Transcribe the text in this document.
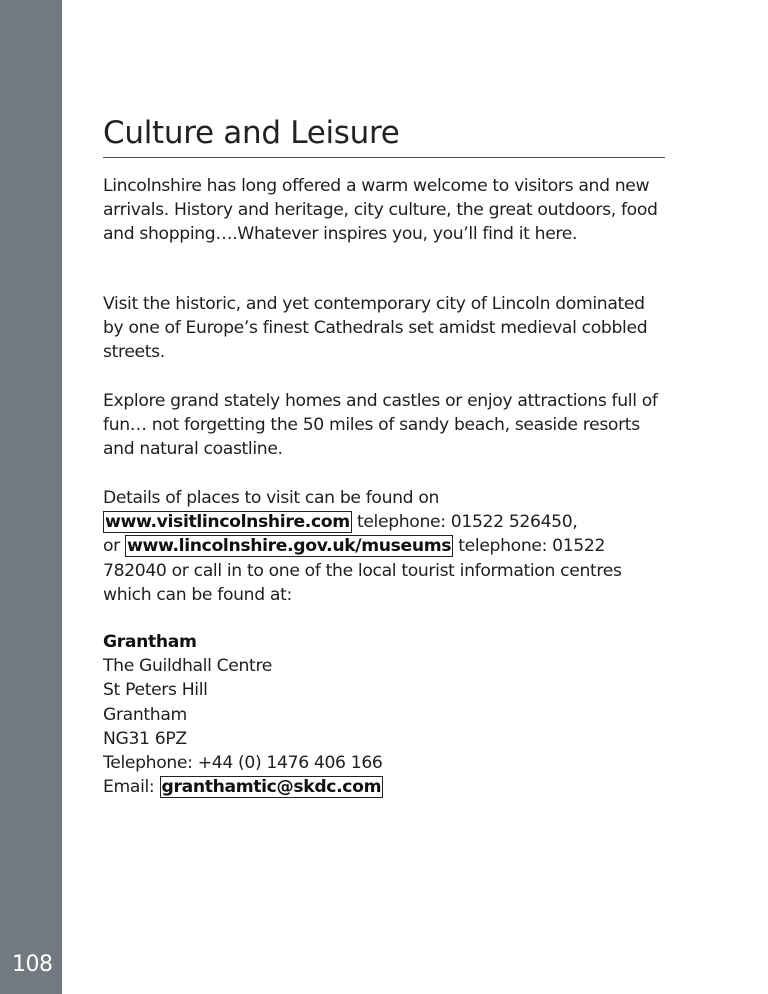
108
Culture and Leisure

Lincolnshire has long offered a warm welcome to visitors and new arrivals. History and heritage, city culture, the great outdoors, food and shopping….Whatever inspires you, you’ll find it here.

Visit the historic, and yet contemporary city of Lincoln dominated by one of Europe’s finest Cathedrals set amidst medieval cobbled streets.

Explore grand stately homes and castles or enjoy attractions full of fun… not forgetting the 50 miles of sandy beach, seaside resorts and natural coastline.

Details of places to visit can be found on
www.visitlincolnshire.com telephone: 01522 526450,
or www.lincolnshire.gov.uk/museums telephone: 01522 782040 or call in to one of the local tourist information centres which can be found at:

Grantham
The Guildhall Centre
St Peters Hill
Grantham
NG31 6PZ
Telephone: +44 (0) 1476 406 166
Email: granthamtic@skdc.com
